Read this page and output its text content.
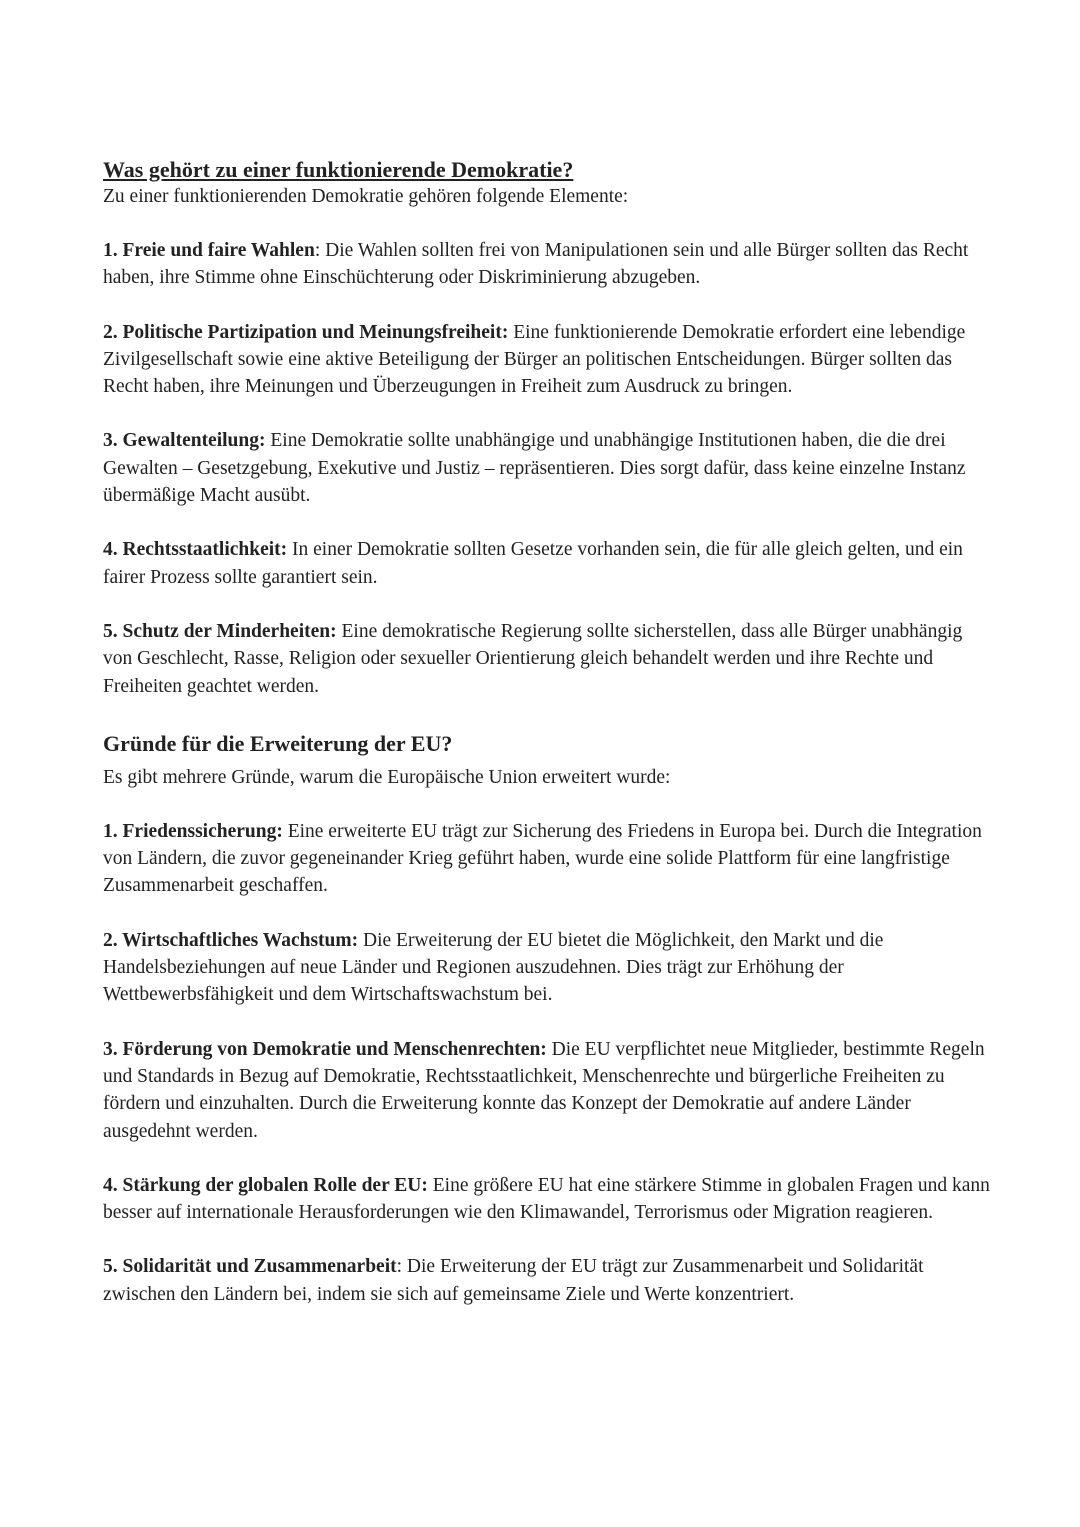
Was gehört zu einer funktionierende Demokratie?

Zu einer funktionierenden Demokratie gehören folgende Elemente:

1. Freie und faire Wahlen: Die Wahlen sollten frei von Manipulationen sein und alle Bürger sollten das Recht haben, ihre Stimme ohne Einschüchterung oder Diskriminierung abzugeben.

2. Politische Partizipation und Meinungsfreiheit: Eine funktionierende Demokratie erfordert eine lebendige Zivilgesellschaft sowie eine aktive Beteiligung der Bürger an politischen Entscheidungen. Bürger sollten das Recht haben, ihre Meinungen und Überzeugungen in Freiheit zum Ausdruck zu bringen.

3. Gewaltenteilung: Eine Demokratie sollte unabhängige und unabhängige Institutionen haben, die die drei Gewalten – Gesetzgebung, Exekutive und Justiz – repräsentieren. Dies sorgt dafür, dass keine einzelne Instanz übermäßige Macht ausübt.

4. Rechtsstaatlichkeit: In einer Demokratie sollten Gesetze vorhanden sein, die für alle gleich gelten, und ein fairer Prozess sollte garantiert sein.

5. Schutz der Minderheiten: Eine demokratische Regierung sollte sicherstellen, dass alle Bürger unabhängig von Geschlecht, Rasse, Religion oder sexueller Orientierung gleich behandelt werden und ihre Rechte und Freiheiten geachtet werden.

Gründe für die Erweiterung der EU?

Es gibt mehrere Gründe, warum die Europäische Union erweitert wurde:

1. Friedenssicherung: Eine erweiterte EU trägt zur Sicherung des Friedens in Europa bei. Durch die Integration von Ländern, die zuvor gegeneinander Krieg geführt haben, wurde eine solide Plattform für eine langfristige Zusammenarbeit geschaffen.

2. Wirtschaftliches Wachstum: Die Erweiterung der EU bietet die Möglichkeit, den Markt und die Handelsbeziehungen auf neue Länder und Regionen auszudehnen. Dies trägt zur Erhöhung der Wettbewerbsfähigkeit und dem Wirtschaftswachstum bei.

3. Förderung von Demokratie und Menschenrechten: Die EU verpflichtet neue Mitglieder, bestimmte Regeln und Standards in Bezug auf Demokratie, Rechtsstaatlichkeit, Menschenrechte und bürgerliche Freiheiten zu fördern und einzuhalten. Durch die Erweiterung konnte das Konzept der Demokratie auf andere Länder ausgedehnt werden.

4. Stärkung der globalen Rolle der EU: Eine größere EU hat eine stärkere Stimme in globalen Fragen und kann besser auf internationale Herausforderungen wie den Klimawandel, Terrorismus oder Migration reagieren.

5. Solidarität und Zusammenarbeit: Die Erweiterung der EU trägt zur Zusammenarbeit und Solidarität zwischen den Ländern bei, indem sie sich auf gemeinsame Ziele und Werte konzentriert.
